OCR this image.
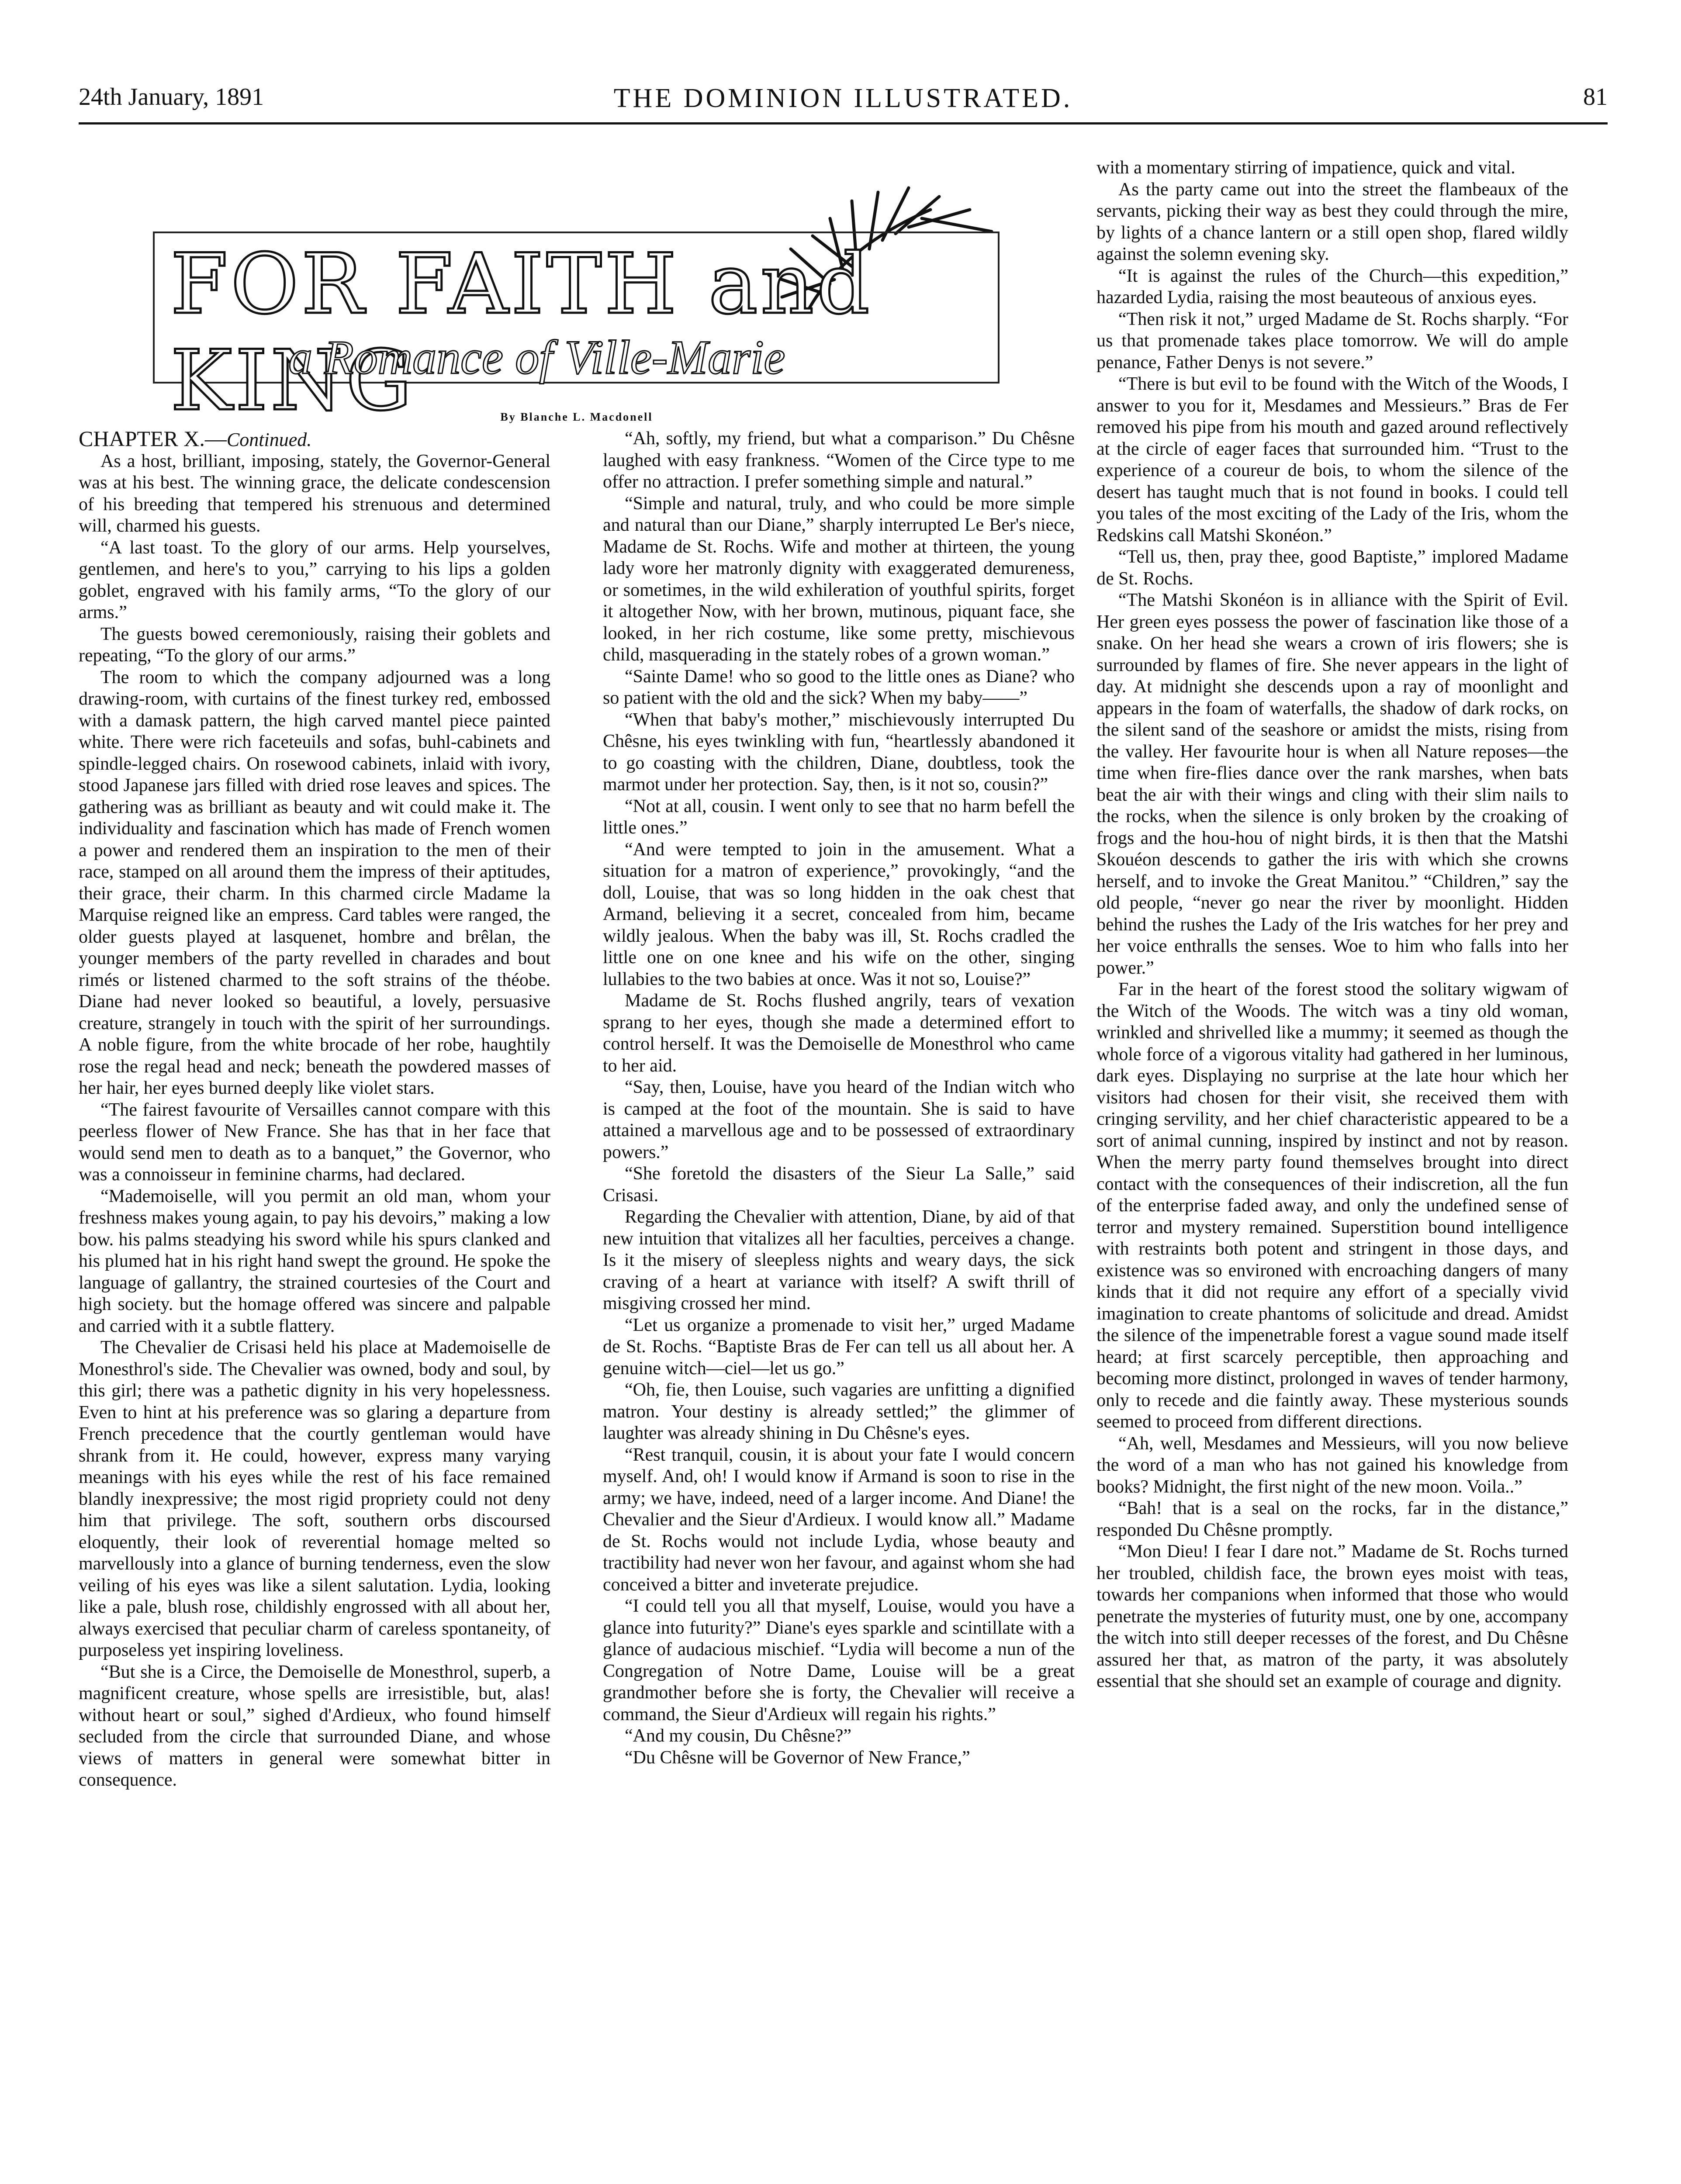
24th January, 1891	THE DOMINION ILLUSTRATED.	81
FOR FAITH and KING
a Romance of Ville-Marie
By Blanche L. Macdonell

CHAPTER X.—Continued.

As a host, brilliant, imposing, stately, the Governor-General was at his best. The winning grace, the delicate condescension of his breeding that tempered his strenuous and determined will, charmed his guests.

“A last toast. To the glory of our arms. Help yourselves, gentlemen, and here's to you,” carrying to his lips a golden goblet, engraved with his family arms, “To the glory of our arms.”

The guests bowed ceremoniously, raising their goblets and repeating, “To the glory of our arms.”

The room to which the company adjourned was a long drawing-room, with curtains of the finest turkey red, embossed with a damask pattern, the high carved mantel piece painted white. There were rich faceteuils and sofas, buhl-cabinets and spindle-legged chairs. On rosewood cabinets, inlaid with ivory, stood Japanese jars filled with dried rose leaves and spices. The gathering was as brilliant as beauty and wit could make it. The individuality and fascination which has made of French women a power and rendered them an inspiration to the men of their race, stamped on all around them the impress of their aptitudes, their grace, their charm. In this charmed circle Madame la Marquise reigned like an empress. Card tables were ranged, the older guests played at lasquenet, hombre and brêlan, the younger members of the party revelled in charades and bout rimés or listened charmed to the soft strains of the théobe. Diane had never looked so beautiful, a lovely, persuasive creature, strangely in touch with the spirit of her surroundings. A noble figure, from the white brocade of her robe, haughtily rose the regal head and neck; beneath the powdered masses of her hair, her eyes burned deeply like violet stars.

“The fairest favourite of Versailles cannot compare with this peerless flower of New France. She has that in her face that would send men to death as to a banquet,” the Governor, who was a connoisseur in feminine charms, had declared.

“Mademoiselle, will you permit an old man, whom your freshness makes young again, to pay his devoirs,” making a low bow. his palms steadying his sword while his spurs clanked and his plumed hat in his right hand swept the ground. He spoke the language of gallantry, the strained courtesies of the Court and high society. but the homage offered was sincere and palpable and carried with it a subtle flattery.

The Chevalier de Crisasi held his place at Mademoiselle de Monesthrol's side. The Chevalier was owned, body and soul, by this girl; there was a pathetic dignity in his very hopelessness. Even to hint at his preference was so glaring a departure from French precedence that the courtly gentleman would have shrank from it. He could, however, express many varying meanings with his eyes while the rest of his face remained blandly inexpressive; the most rigid propriety could not deny him that privilege. The soft, southern orbs discoursed eloquently, their look of reverential homage melted so marvellously into a glance of burning tenderness, even the slow veiling of his eyes was like a silent salutation. Lydia, looking like a pale, blush rose, childishly engrossed with all about her, always exercised that peculiar charm of careless spontaneity, of purposeless yet inspiring loveliness.

“But she is a Circe, the Demoiselle de Monesthrol, superb, a magnificent creature, whose spells are irresistible, but, alas! without heart or soul,” sighed d'Ardieux, who found himself secluded from the circle that surrounded Diane, and whose views of matters in general were somewhat bitter in consequence.

“Ah, softly, my friend, but what a comparison.” Du Chêsne laughed with easy frankness. “Women of the Circe type to me offer no attraction. I prefer something simple and natural.”

“Simple and natural, truly, and who could be more simple and natural than our Diane,” sharply interrupted Le Ber's niece, Madame de St. Rochs. Wife and mother at thirteen, the young lady wore her matronly dignity with exaggerated demureness, or sometimes, in the wild exhileration of youthful spirits, forget it altogether Now, with her brown, mutinous, piquant face, she looked, in her rich costume, like some pretty, mischievous child, masquerading in the stately robes of a grown woman.”

“Sainte Dame! who so good to the little ones as Diane? who so patient with the old and the sick? When my baby——”

“When that baby's mother,” mischievously interrupted Du Chêsne, his eyes twinkling with fun, “heartlessly abandoned it to go coasting with the children, Diane, doubtless, took the marmot under her protection. Say, then, is it not so, cousin?”

“Not at all, cousin. I went only to see that no harm befell the little ones.”

“And were tempted to join in the amusement. What a situation for a matron of experience,” provokingly, “and the doll, Louise, that was so long hidden in the oak chest that Armand, believing it a secret, concealed from him, became wildly jealous. When the baby was ill, St. Rochs cradled the little one on one knee and his wife on the other, singing lullabies to the two babies at once. Was it not so, Louise?”

Madame de St. Rochs flushed angrily, tears of vexation sprang to her eyes, though she made a determined effort to control herself. It was the Demoiselle de Monesthrol who came to her aid.

“Say, then, Louise, have you heard of the Indian witch who is camped at the foot of the mountain. She is said to have attained a marvellous age and to be possessed of extraordinary powers.”

“She foretold the disasters of the Sieur La Salle,” said Crisasi.

Regarding the Chevalier with attention, Diane, by aid of that new intuition that vitalizes all her faculties, perceives a change. Is it the misery of sleepless nights and weary days, the sick craving of a heart at variance with itself? A swift thrill of misgiving crossed her mind.

“Let us organize a promenade to visit her,” urged Madame de St. Rochs. “Baptiste Bras de Fer can tell us all about her. A genuine witch—ciel—let us go.”

“Oh, fie, then Louise, such vagaries are unfitting a dignified matron. Your destiny is already settled;” the glimmer of laughter was already shining in Du Chêsne's eyes.

“Rest tranquil, cousin, it is about your fate I would concern myself. And, oh! I would know if Armand is soon to rise in the army; we have, indeed, need of a larger income. And Diane! the Chevalier and the Sieur d'Ardieux. I would know all.” Madame de St. Rochs would not include Lydia, whose beauty and tractibility had never won her favour, and against whom she had conceived a bitter and inveterate prejudice.

“I could tell you all that myself, Louise, would you have a glance into futurity?” Diane's eyes sparkle and scintillate with a glance of audacious mischief. “Lydia will become a nun of the Congregation of Notre Dame, Louise will be a great grandmother before she is forty, the Chevalier will receive a command, the Sieur d'Ardieux will regain his rights.”

“And my cousin, Du Chêsne?”

“Du Chêsne will be Governor of New France,”

with a momentary stirring of impatience, quick and vital.

As the party came out into the street the flambeaux of the servants, picking their way as best they could through the mire, by lights of a chance lantern or a still open shop, flared wildly against the solemn evening sky.

“It is against the rules of the Church—this expedition,” hazarded Lydia, raising the most beauteous of anxious eyes.

“Then risk it not,” urged Madame de St. Rochs sharply. “For us that promenade takes place tomorrow. We will do ample penance, Father Denys is not severe.”

“There is but evil to be found with the Witch of the Woods, I answer to you for it, Mesdames and Messieurs.” Bras de Fer removed his pipe from his mouth and gazed around reflectively at the circle of eager faces that surrounded him. “Trust to the experience of a coureur de bois, to whom the silence of the desert has taught much that is not found in books. I could tell you tales of the most exciting of the Lady of the Iris, whom the Redskins call Matshi Skonéon.”

“Tell us, then, pray thee, good Baptiste,” implored Madame de St. Rochs.

“The Matshi Skonéon is in alliance with the Spirit of Evil. Her green eyes possess the power of fascination like those of a snake. On her head she wears a crown of iris flowers; she is surrounded by flames of fire. She never appears in the light of day. At midnight she descends upon a ray of moonlight and appears in the foam of waterfalls, the shadow of dark rocks, on the silent sand of the seashore or amidst the mists, rising from the valley. Her favourite hour is when all Nature reposes—the time when fire-flies dance over the rank marshes, when bats beat the air with their wings and cling with their slim nails to the rocks, when the silence is only broken by the croaking of frogs and the hou-hou of night birds, it is then that the Matshi Skouéon descends to gather the iris with which she crowns herself, and to invoke the Great Manitou.” “Children,” say the old people, “never go near the river by moonlight. Hidden behind the rushes the Lady of the Iris watches for her prey and her voice enthralls the senses. Woe to him who falls into her power.”

Far in the heart of the forest stood the solitary wigwam of the Witch of the Woods. The witch was a tiny old woman, wrinkled and shrivelled like a mummy; it seemed as though the whole force of a vigorous vitality had gathered in her luminous, dark eyes. Displaying no surprise at the late hour which her visitors had chosen for their visit, she received them with cringing servility, and her chief characteristic appeared to be a sort of animal cunning, inspired by instinct and not by reason. When the merry party found themselves brought into direct contact with the consequences of their indiscretion, all the fun of the enterprise faded away, and only the undefined sense of terror and mystery remained. Superstition bound intelligence with restraints both potent and stringent in those days, and existence was so environed with encroaching dangers of many kinds that it did not require any effort of a specially vivid imagination to create phantoms of solicitude and dread. Amidst the silence of the impenetrable forest a vague sound made itself heard; at first scarcely perceptible, then approaching and becoming more distinct, prolonged in waves of tender harmony, only to recede and die faintly away. These mysterious sounds seemed to proceed from different directions.

“Ah, well, Mesdames and Messieurs, will you now believe the word of a man who has not gained his knowledge from books? Midnight, the first night of the new moon. Voila..”

“Bah! that is a seal on the rocks, far in the distance,” responded Du Chêsne promptly.

“Mon Dieu! I fear I dare not.” Madame de St. Rochs turned her troubled, childish face, the brown eyes moist with teas, towards her companions when informed that those who would penetrate the mysteries of futurity must, one by one, accompany the witch into still deeper recesses of the forest, and Du Chêsne assured her that, as matron of the party, it was absolutely essential that she should set an example of courage and dignity.
